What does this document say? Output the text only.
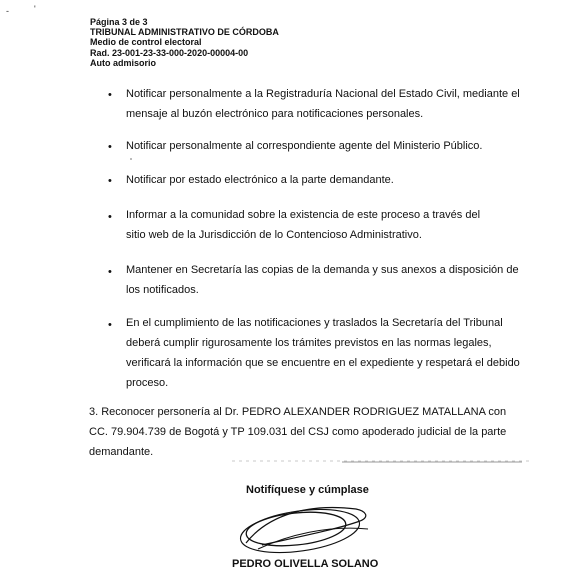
-	'
Página 3 de 3
TRIBUNAL ADMINISTRATIVO DE CÓRDOBA
Medio de control electoral
Rad. 23-001-23-33-000-2020-00004-00
Auto admisorio
• Notificar personalmente a la Registraduría Nacional del Estado Civil, mediante el
mensaje al buzón electrónico para notificaciones personales.
• Notificar personalmente al correspondiente agente del Ministerio Público.
• Notificar por estado electrónico a la parte demandante.
• Informar a la comunidad sobre la existencia de este proceso a través del
sitio web de la Jurisdicción de lo Contencioso Administrativo.
• Mantener en Secretaría las copias de la demanda y sus anexos a disposición de
los notificados.
• En el cumplimiento de las notificaciones y traslados la Secretaría del Tribunal
deberá cumplir rigurosamente los trámites previstos en las normas legales,
verificará la información que se encuentre en el expediente y respetará el debido
proceso.
3. Reconocer personería al Dr. PEDRO ALEXANDER RODRIGUEZ MATALLANA con
CC. 79.904.739 de Bogotá y TP 109.031 del CSJ como apoderado judicial de la parte
demandante.
Notifíquese y cúmplase
PEDRO OLIVELLA SOLANO
